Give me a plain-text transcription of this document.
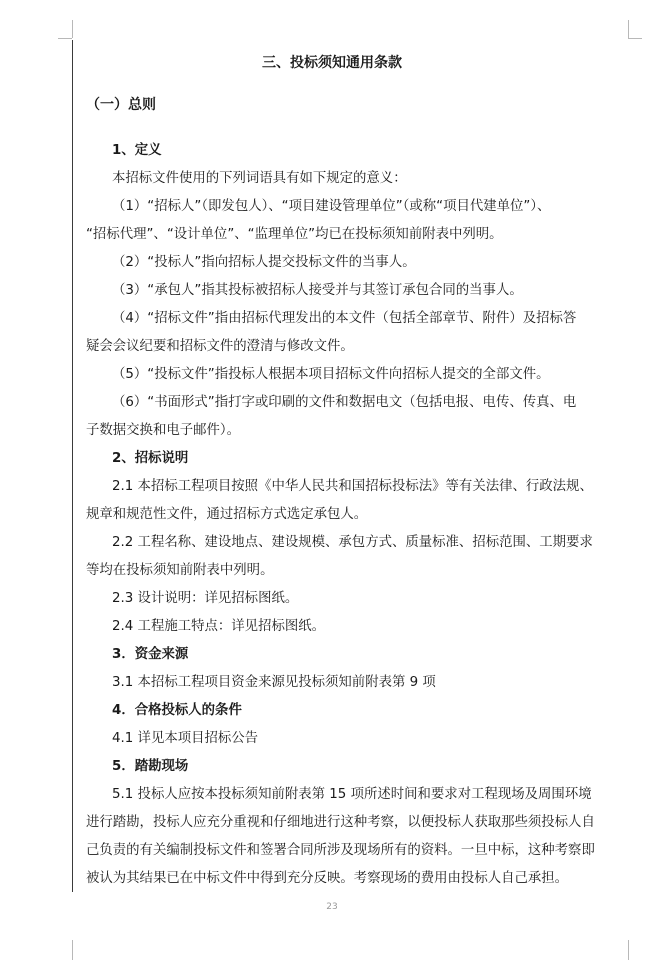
三、投标须知通用条款
（一）总则
1、定义
本招标文件使用的下列词语具有如下规定的意义：
（1）“招标人”（即发包人）、“项目建设管理单位”（或称“项目代建单位”）、
“招标代理”、“设计单位”、“监理单位”均已在投标须知前附表中列明。
（2）“投标人”指向招标人提交投标文件的当事人。
（3）“承包人”指其投标被招标人接受并与其签订承包合同的当事人。
（4）“招标文件”指由招标代理发出的本文件（包括全部章节、附件）及招标答
疑会会议纪要和招标文件的澄清与修改文件。
（5）“投标文件”指投标人根据本项目招标文件向招标人提交的全部文件。
（6）“书面形式”指打字或印刷的文件和数据电文（包括电报、电传、传真、电
子数据交换和电子邮件）。
2、招标说明
2.1 本招标工程项目按照《中华人民共和国招标投标法》等有关法律、行政法规、
规章和规范性文件，通过招标方式选定承包人。
2.2 工程名称、建设地点、建设规模、承包方式、质量标准、招标范围、工期要求
等均在投标须知前附表中列明。
2.3 设计说明：详见招标图纸。
2.4 工程施工特点：详见招标图纸。
3．资金来源
3.1 本招标工程项目资金来源见投标须知前附表第 9 项
4．合格投标人的条件
4.1 详见本项目招标公告
5．踏勘现场
5.1 投标人应按本投标须知前附表第 15 项所述时间和要求对工程现场及周围环境
进行踏勘，投标人应充分重视和仔细地进行这种考察，以便投标人获取那些须投标人自
己负责的有关编制投标文件和签署合同所涉及现场所有的资料。一旦中标，这种考察即
被认为其结果已在中标文件中得到充分反映。考察现场的费用由投标人自己承担。
23
